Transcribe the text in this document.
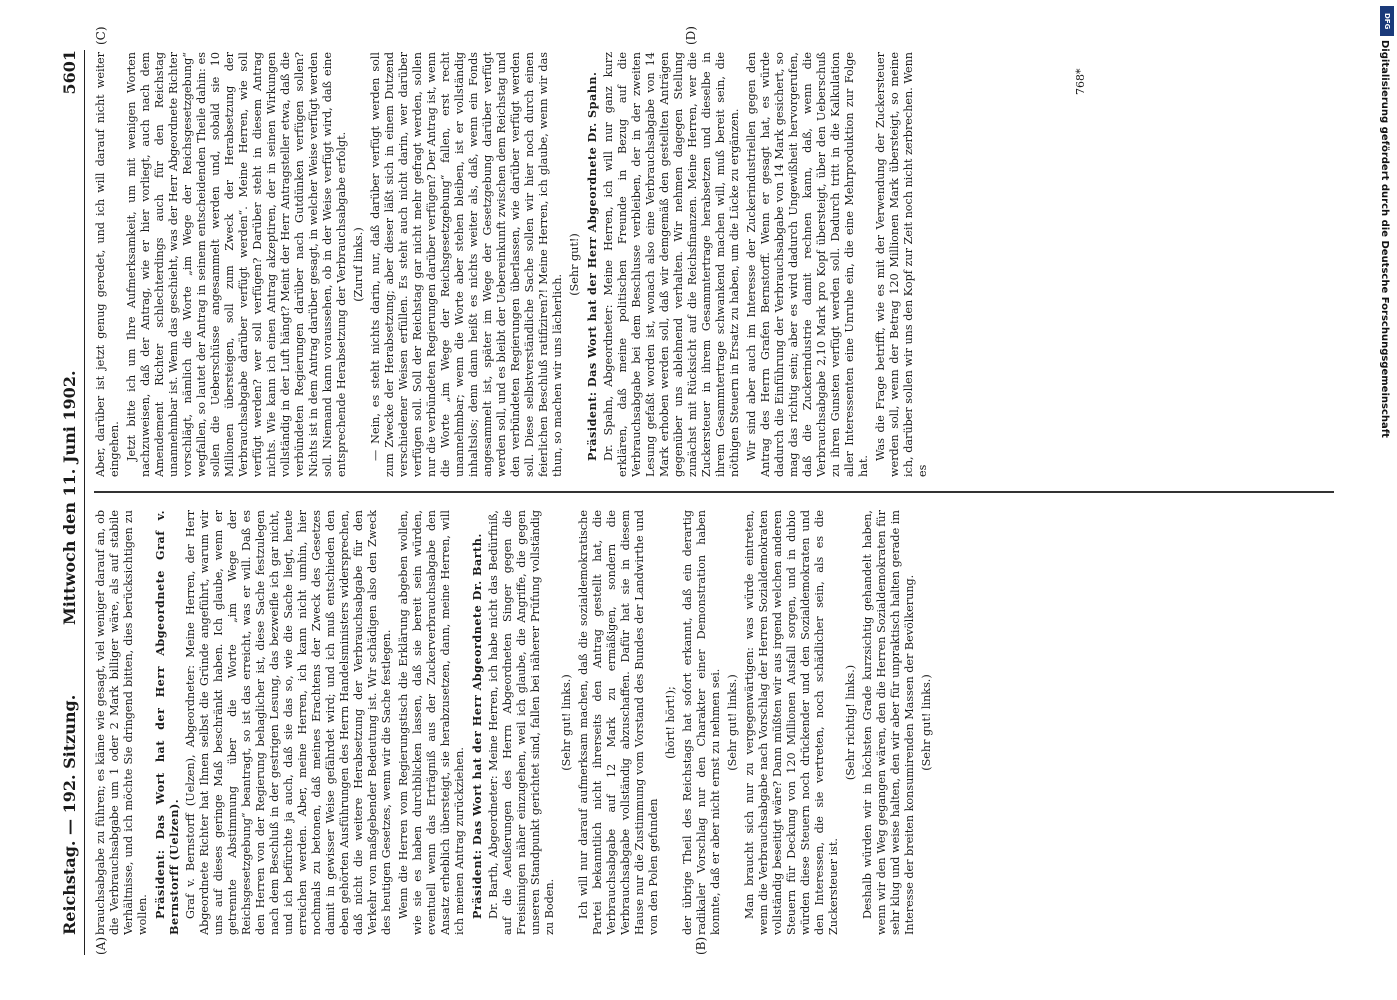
Reichstag. — 192. Sitzung.
Mittwoch den 11. Juni 1902.
5601
(A)	(B)
(C)	(D)

brauchsabgabe zu führen; es käme wie gesagt, viel weniger darauf an, ob die Verbrauchsabgabe um 1 oder 2 Mark billiger wäre, als auf stabile Verhältnisse, und ich möchte Sie dringend bitten, dies berücksichtigen zu wollen. Präsident: Das Wort hat der Herr Abgeordnete Graf v. Bernstorff (Uelzen). Graf v. Bernstorff (Uelzen), Abgeordneter: Meine Herren, der Herr Abgeordnete Richter hat Ihnen selbst die Gründe angeführt, warum wir uns auf dieses geringe Maß beschränkt haben. Ich glaube, wenn er getrennte Abstimmung über die Worte „im Wege der Reichsgesetzgebung“ beantragt, so ist das erreicht, was er will. Daß es den Herren von der Regierung behaglicher ist, diese Sache festzulegen nach dem Beschluß in der gestrigen Lesung, das bezweifle ich gar nicht, und ich befürchte ja auch, daß sie das so, wie die Sache liegt, heute erreichen werden. Aber, meine Herren, ich kann nicht umhin, hier nochmals zu betonen, daß meines Erachtens der Zweck des Gesetzes damit in gewisser Weise gefährdet wird; und ich muß entschieden den eben gehörten Ausführungen des Herrn Handelsministers widersprechen, daß nicht die weitere Herabsetzung der Verbrauchsabgabe für den Verkehr von maßgebender Bedeutung ist. Wir schädigen also den Zweck des heutigen Gesetzes, wenn wir die Sache festlegen. Wenn die Herren vom Regierungstisch die Erklärung abgeben wollen, wie sie es haben durchblicken lassen, daß sie bereit sein würden, eventuell wenn das Erträgniß aus der Zuckerverbrauchsabgabe den Ansatz erheblich übersteigt, sie herabzusetzen, dann, meine Herren, will ich meinen Antrag zurückziehen. Präsident: Das Wort hat der Herr Abgeordnete Dr. Barth. Dr. Barth, Abgeordneter: Meine Herren, ich habe nicht das Bedürfniß, auf die Aeußerungen des Herrn Abgeordneten Singer gegen die Freisinnigen näher einzugehen, weil ich glaube, die Angriffe, die gegen unseren Standpunkt gerichtet sind, fallen bei näherer Prüfung vollständig zu Boden.

(Sehr gut! links.) Ich will nur darauf aufmerksam machen, daß die sozialdemokratische Partei bekanntlich nicht ihrerseits den Antrag gestellt hat, die Verbrauchsabgabe auf 12 Mark zu ermäßigen, sondern die Verbrauchsabgabe vollständig abzuschaffen. Dafür hat sie in diesem Hause nur die Zustimmung vom Vorstand des Bundes der Landwirthe und von den Polen gefunden

(hört! hört!); der übrige Theil des Reichstags hat sofort erkannt, daß ein derartig radikaler Vorschlag nur den Charakter einer Demonstration haben konnte, daß er aber nicht ernst zu nehmen sei. (Sehr gut! links.) Man braucht sich nur zu vergegenwärtigen: was würde eintreten, wenn die Verbrauchsabgabe nach Vorschlag der Herren Sozialdemokraten vollständig beseitigt wäre? Dann müßten wir aus irgend welchen anderen Steuern für Deckung von 120 Millionen Ausfall sorgen, und in dubio würden diese Steuern noch drückender und den Sozialdemokraten und den Interessen, die sie vertreten, noch schädlicher sein, als es die Zuckersteuer ist.

(Sehr richtig! links.) Deshalb würden wir in höchsten Grade kurzsichtig gehandelt haben, wenn wir den Weg gegangen wären, den die Herren Sozialdemokraten für sehr klug und weise halten, den wir aber für unpraktisch halten gerade im Interesse der breiten konsumirenden Massen der Bevölkerung. (Sehr gut! links.)

Aber, darüber ist jetzt genug geredet, und ich will darauf nicht weiter eingehen. Jetzt bitte ich um Ihre Aufmerksamkeit, um mit wenigen Worten nachzuweisen, daß der Antrag, wie er hier vorliegt, auch nach dem Amendement Richter schlechterdings auch für den Reichstag unannehmbar ist. Wenn das geschieht, was der Herr Abgeordnete Richter vorschlägt, nämlich die Worte „im Wege der Reichsgesetzgebung“ wegfallen, so lautet der Antrag in seinem entscheidenden Theile dahin: es sollen die Ueberschüsse angesammelt werden und, sobald sie 10 Millionen übersteigen, soll zum Zweck der Herabsetzung der Verbrauchsabgabe darüber verfügt werden“. Meine Herren, wie soll verfügt werden? wer soll verfügen? Darüber steht in diesem Antrag nichts. Wie kann ich einen Antrag akzeptiren, der in seinen Wirkungen vollständig in der Luft hängt? Meint der Herr Antragsteller etwa, daß die verbündeten Regierungen darüber nach Gutdünken verfügen sollen? Nichts ist in dem Antrag darüber gesagt, in welcher Weise verfügt werden soll. Niemand kann voraussehen, ob in der Weise verfügt wird, daß eine entsprechende Herabsetzung der Verbrauchsabgabe erfolgt. (Zuruf links.) — Nein, es steht nichts darin, nur, daß darüber verfügt werden soll zum Zwecke der Herabsetzung; aber dieser läßt sich in einem Dutzend verschiedener Weisen erfüllen. Es steht auch nicht darin, wer darüber verfügen soll. Soll der Reichstag gar nicht mehr gefragt werden, sollen nur die verbündeten Regierungen darüber verfügen? Der Antrag ist, wenn die Worte „im Wege der Reichsgesetzgebung“ fallen, erst recht unannehmbar; wenn die Worte aber stehen bleiben, ist er vollständig inhaltslos; denn dann heißt es nichts weiter als, daß, wenn ein Fonds angesammelt ist, später im Wege der Gesetzgebung darüber verfügt werden soll, und es bleibt der Uebereinkunft zwischen dem Reichstag und den verbündeten Regierungen überlassen, wie darüber verfügt werden soll. Diese selbstverständliche Sache sollen wir hier noch durch einen feierlichen Beschluß ratifiziren?! Meine Herren, ich glaube, wenn wir das thun, so machen wir uns lächerlich.

(Sehr gut!) Präsident: Das Wort hat der Herr Abgeordnete Dr. Spahn. Dr. Spahn, Abgeordneter: Meine Herren, ich will nur ganz kurz erklären, daß meine politischen Freunde in Bezug auf die Verbrauchsabgabe bei dem Beschlusse verbleiben, der in der zweiten Lesung gefaßt worden ist, wonach also eine Verbrauchsabgabe von 14 Mark erhoben werden soll, daß wir demgemäß den gestellten Anträgen gegenüber uns ablehnend verhalten. Wir nehmen dagegen Stellung zunächst mit Rücksicht auf die Reichsfinanzen. Meine Herren, wer die Zuckersteuer in ihrem Gesammtertrage herabsetzen und dieselbe in ihrem Gesammtertrage schwankend machen will, muß bereit sein, die nöthigen Steuern in Ersatz zu haben, um die Lücke zu ergänzen. Wir sind aber auch im Interesse der Zuckerindustriellen gegen den Antrag des Herrn Grafen Bernstorff. Wenn er gesagt hat, es würde dadurch die Einführung der Verbrauchsabgabe von 14 Mark gesichert, so mag das richtig sein; aber es wird dadurch Ungewißheit hervorgerufen, daß die Zuckerindustrie damit rechnen kann, daß, wenn die Verbrauchsabgabe 2,10 Mark pro Kopf übersteigt, über den Ueberschuß zu ihren Gunsten verfügt werden soll. Dadurch tritt in die Kalkulation aller Interessenten eine Unruhe ein, die eine Mehrproduktion zur Folge hat.

Was die Frage betrifft, wie es mit der Verwendung der Zuckersteuer werden soll, wenn der Betrag 120 Millionen Mark übersteigt, so meine ich, darüber sollen wir uns den Kopf zur Zeit noch nicht zerbrechen. Wenn es

768*
DFG
Digitalisierung gefördert durch die Deutsche Forschungsgemeinschaft
